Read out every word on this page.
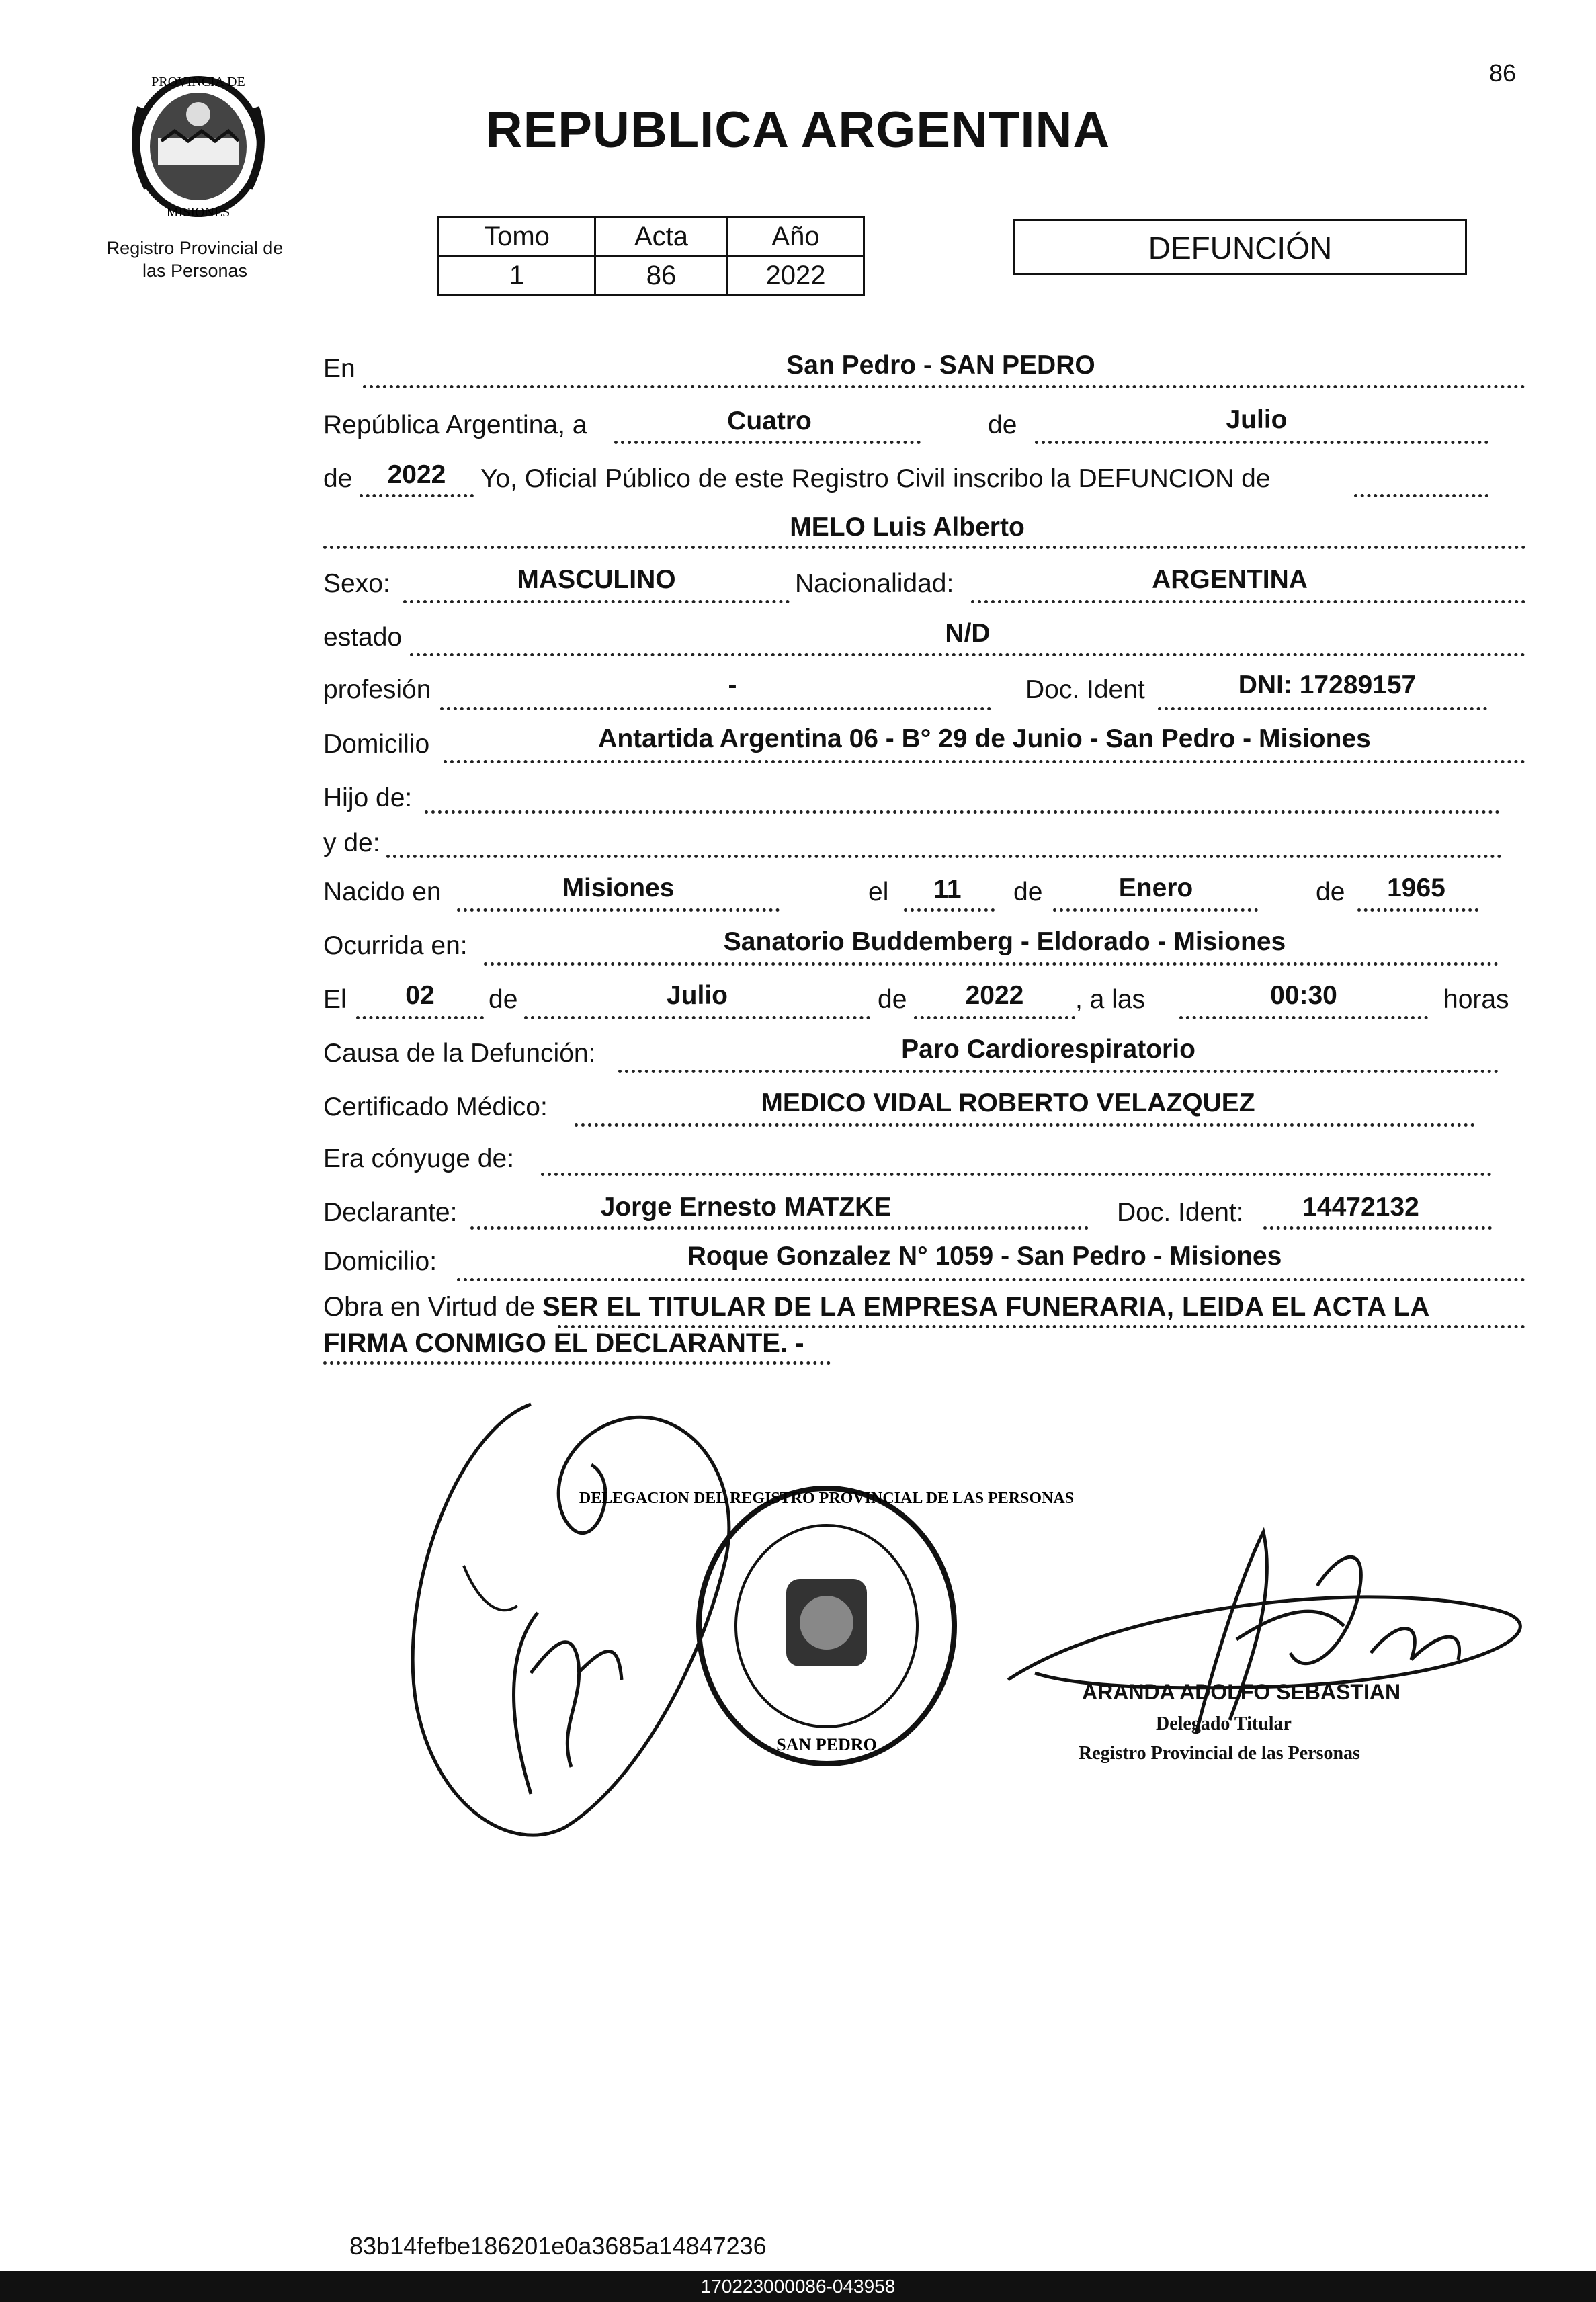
86
PROVINCIA DE
MISIONES
Registro Provincial de
las Personas
REPUBLICA ARGENTINA
Tomo	Acta	Año
1	86	2022
DEFUNCIÓN
En	San Pedro - SAN PEDRO
República Argentina, a	Cuatro	de	Julio
de	2022	Yo, Oficial Público de este Registro Civil inscribo la DEFUNCION de
MELO Luis Alberto
Sexo:	MASCULINO	Nacionalidad:	ARGENTINA
estado	N/D
profesión	-	Doc. Ident	DNI: 17289157
Domicilio	Antartida Argentina 06 - B° 29 de Junio - San Pedro - Misiones
Hijo de:
y de:
Nacido en	Misiones	el	11	de	Enero	de	1965
Ocurrida en:	Sanatorio Buddemberg - Eldorado - Misiones
El	02	de	Julio	de	2022	, a las	00:30	horas
Causa de la Defunción:	Paro Cardiorespiratorio
Certificado Médico:	MEDICO VIDAL ROBERTO VELAZQUEZ
Era cónyuge de:
Declarante:	Jorge Ernesto MATZKE	Doc. Ident:	14472132
Domicilio:	Roque Gonzalez N° 1059 - San Pedro - Misiones
Obra en Virtud de SER EL TITULAR DE LA EMPRESA FUNERARIA, LEIDA EL ACTA LA
FIRMA CONMIGO EL DECLARANTE. -
DELEGACION DEL REGISTRO PROVINCIAL DE LAS PERSONAS
SAN PEDRO
ARANDA ADOLFO SEBASTIAN
Delegado Titular
Registro Provincial de las Personas
83b14fefbe186201e0a3685a14847236
170223000086-043958
